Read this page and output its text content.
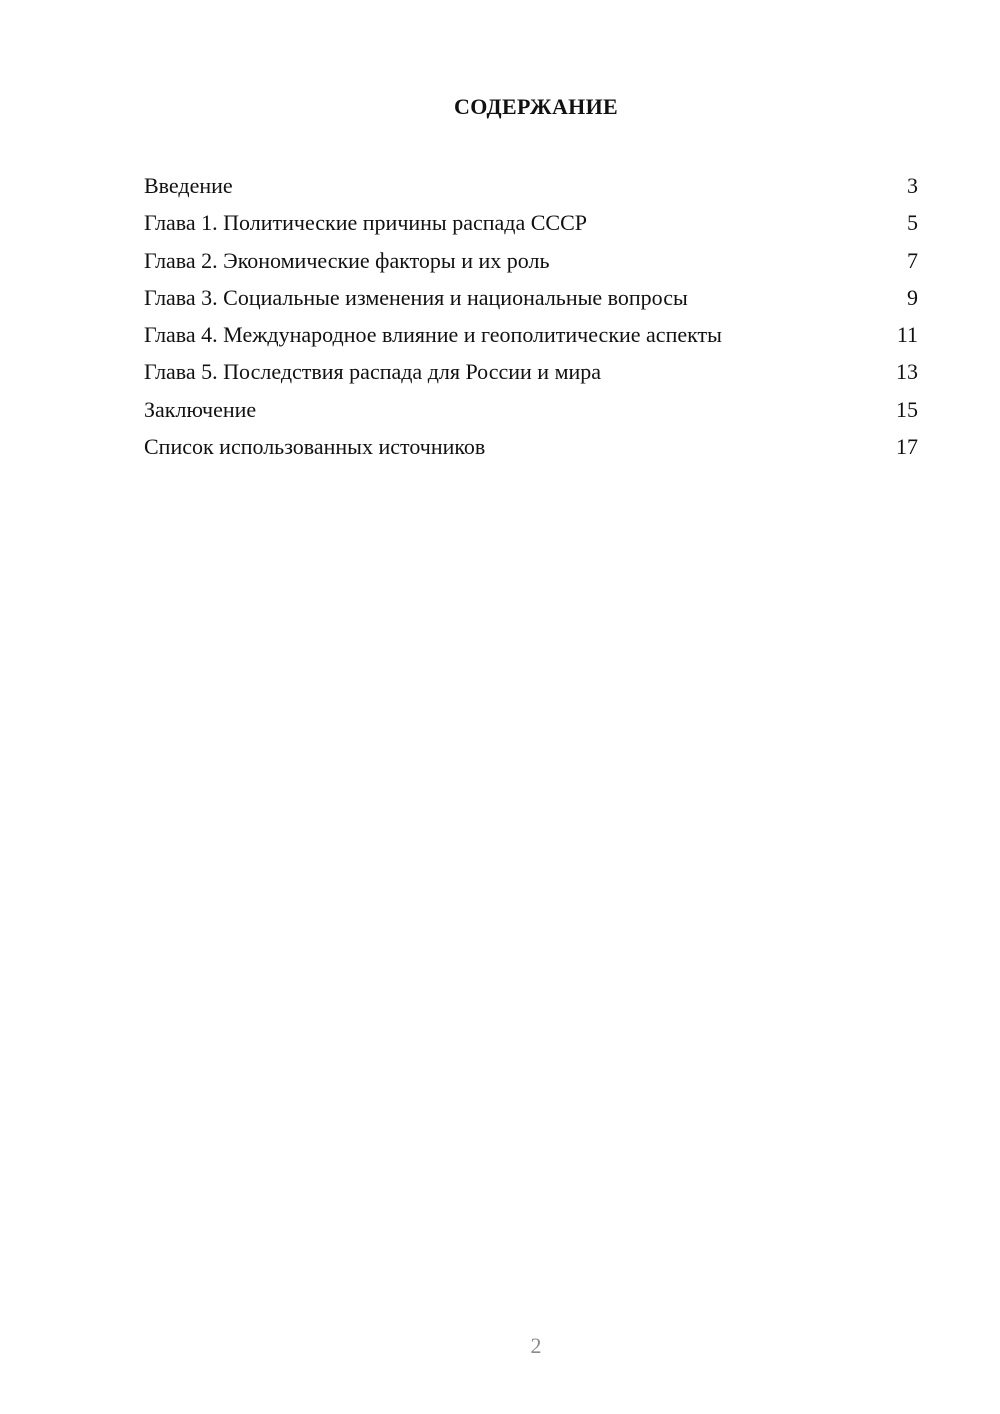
СОДЕРЖАНИЕ
Введение	3
Глава 1. Политические причины распада СССР	5
Глава 2. Экономические факторы и их роль	7
Глава 3. Социальные изменения и национальные вопросы	9
Глава 4. Международное влияние и геополитические аспекты	11
Глава 5. Последствия распада для России и мира	13
Заключение	15
Список использованных источников	17
2
